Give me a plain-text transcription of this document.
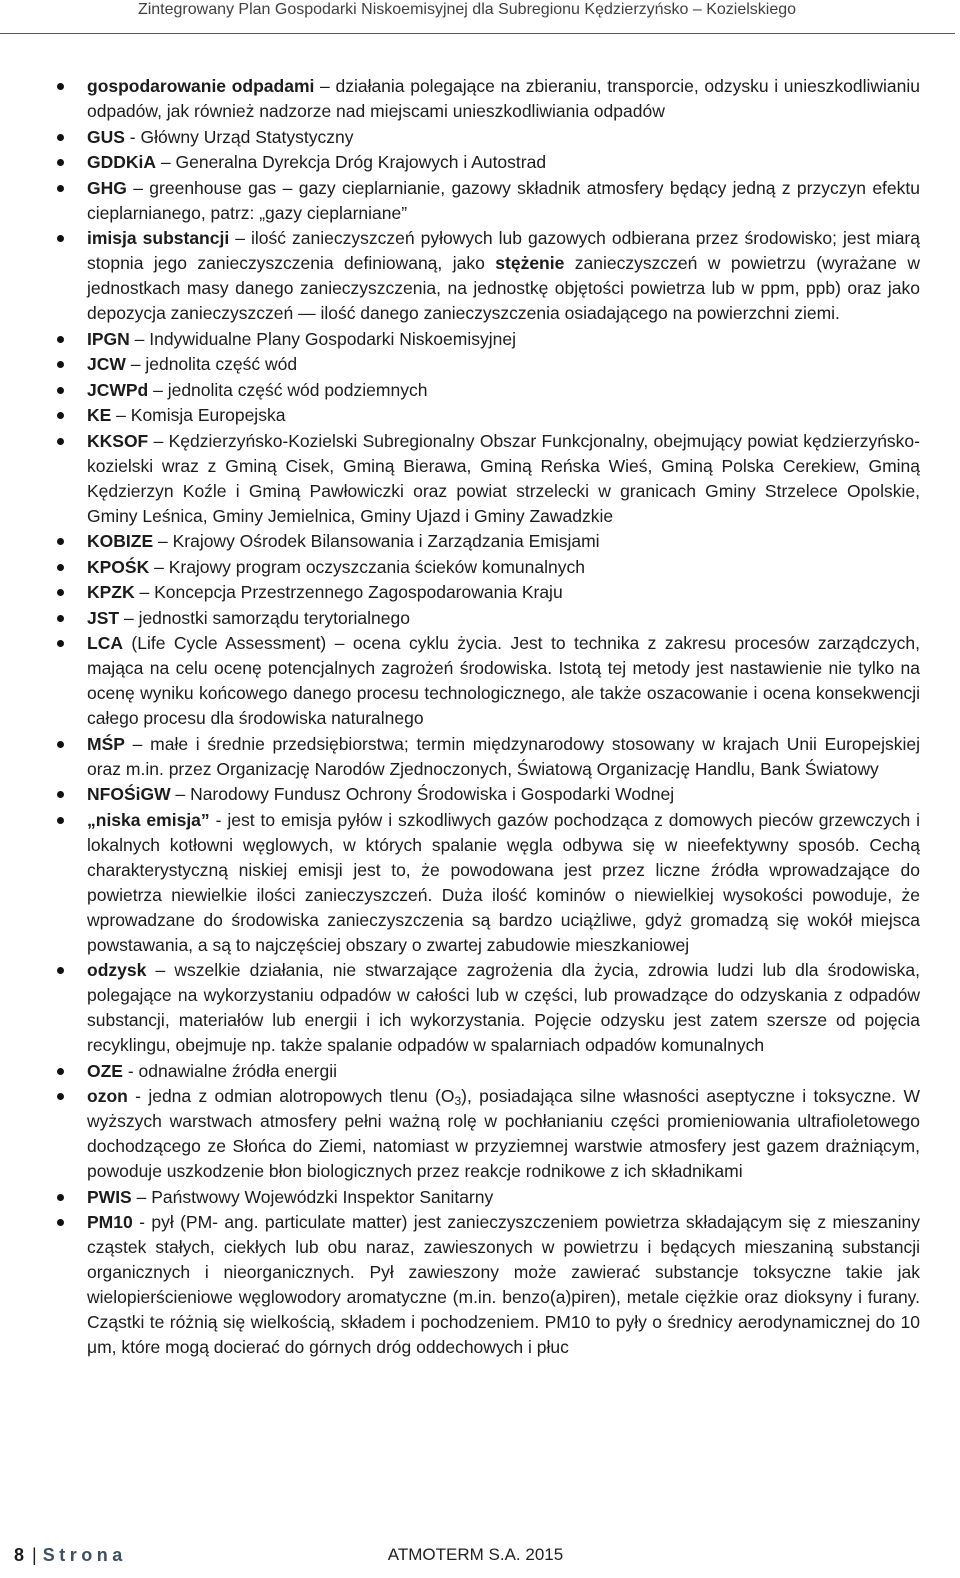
Zintegrowany Plan Gospodarki Niskoemisyjnej dla Subregionu Kędzierzyńsko – Kozielskiego
gospodarowanie odpadami – działania polegające na zbieraniu, transporcie, odzysku i unieszkodliwianiu odpadów, jak również nadzorze nad miejscami unieszkodliwiania odpadów
GUS - Główny Urząd Statystyczny
GDDKiA – Generalna Dyrekcja Dróg Krajowych i Autostrad
GHG – greenhouse gas – gazy cieplarnianie, gazowy składnik atmosfery będący jedną z przyczyn efektu cieplarnianego, patrz: „gazy cieplarniane”
imisja substancji – ilość zanieczyszczeń pyłowych lub gazowych odbierana przez środowisko; jest miarą stopnia jego zanieczyszczenia definiowaną, jako stężenie zanieczyszczeń w powietrzu (wyrażane w jednostkach masy danego zanieczyszczenia, na jednostkę objętości powietrza lub w ppm, ppb) oraz jako depozycja zanieczyszczeń — ilość danego zanieczyszczenia osiadającego na powierzchni ziemi.
IPGN – Indywidualne Plany Gospodarki Niskoemisyjnej
JCW – jednolita część wód
JCWPd – jednolita część wód podziemnych
KE – Komisja Europejska
KKSOF – Kędzierzyńsko-Kozielski Subregionalny Obszar Funkcjonalny, obejmujący powiat kędzierzyńsko-kozielski wraz z Gminą Cisek, Gminą Bierawa, Gminą Reńska Wieś, Gminą Polska Cerekiew, Gminą Kędzierzyn Koźle i Gminą Pawłowiczki oraz powiat strzelecki w granicach Gminy Strzelece Opolskie, Gminy Leśnica, Gminy Jemielnica, Gminy Ujazd i Gminy Zawadzkie
KOBIZE – Krajowy Ośrodek Bilansowania i Zarządzania Emisjami
KPOŚK – Krajowy program oczyszczania ścieków komunalnych
KPZK – Koncepcja Przestrzennego Zagospodarowania Kraju
JST – jednostki samorządu terytorialnego
LCA (Life Cycle Assessment) – ocena cyklu życia. Jest to technika z zakresu procesów zarządczych, mająca na celu ocenę potencjalnych zagrożeń środowiska. Istotą tej metody jest nastawienie nie tylko na ocenę wyniku końcowego danego procesu technologicznego, ale także oszacowanie i ocena konsekwencji całego procesu dla środowiska naturalnego
MŚP – małe i średnie przedsiębiorstwa; termin międzynarodowy stosowany w krajach Unii Europejskiej oraz m.in. przez Organizację Narodów Zjednoczonych, Światową Organizację Handlu, Bank Światowy
NFOŚiGW – Narodowy Fundusz Ochrony Środowiska i Gospodarki Wodnej
„niska emisja” - jest to emisja pyłów i szkodliwych gazów pochodząca z domowych pieców grzewczych i lokalnych kotłowni węglowych, w których spalanie węgla odbywa się w nieefektywny sposób. Cechą charakterystyczną niskiej emisji jest to, że powodowana jest przez liczne źródła wprowadzające do powietrza niewielkie ilości zanieczyszczeń. Duża ilość kominów o niewielkiej wysokości powoduje, że wprowadzane do środowiska zanieczyszczenia są bardzo uciążliwe, gdyż gromadzą się wokół miejsca powstawania, a są to najczęściej obszary o zwartej zabudowie mieszkaniowej
odzysk – wszelkie działania, nie stwarzające zagrożenia dla życia, zdrowia ludzi lub dla środowiska, polegające na wykorzystaniu odpadów w całości lub w części, lub prowadzące do odzyskania z odpadów substancji, materiałów lub energii i ich wykorzystania. Pojęcie odzysku jest zatem szersze od pojęcia recyklingu, obejmuje np. także spalanie odpadów w spalarniach odpadów komunalnych
OZE - odnawialne źródła energii
ozon - jedna z odmian alotropowych tlenu $(O_3)$, posiadająca silne własności aseptyczne i toksyczne. W wyższych warstwach atmosfery pełni ważną rolę w pochłanianiu części promieniowania ultrafioletowego dochodzącego ze Słońca do Ziemi, natomiast w przyziemnej warstwie atmosfery jest gazem drażniącym, powoduje uszkodzenie błon biologicznych przez reakcje rodnikowe z ich składnikami
PWIS – Państwowy Wojewódzki Inspektor Sanitarny
PM10 - pył (PM- ang. particulate matter) jest zanieczyszczeniem powietrza składającym się z mieszaniny cząstek stałych, ciekłych lub obu naraz, zawieszonych w powietrzu i będących mieszaniną substancji organicznych i nieorganicznych. Pył zawieszony może zawierać substancje toksyczne takie jak wielopierścieniowe węglowodory aromatyczne (m.in. benzo(a)piren), metale ciężkie oraz dioksyny i furany. Cząstki te różnią się wielkością, składem i pochodzeniem. PM10 to pyły o średnicy aerodynamicznej do 10 μm, które mogą docierać do górnych dróg oddechowych i płuc
8 | Strona	ATMOTERM S.A. 2015
